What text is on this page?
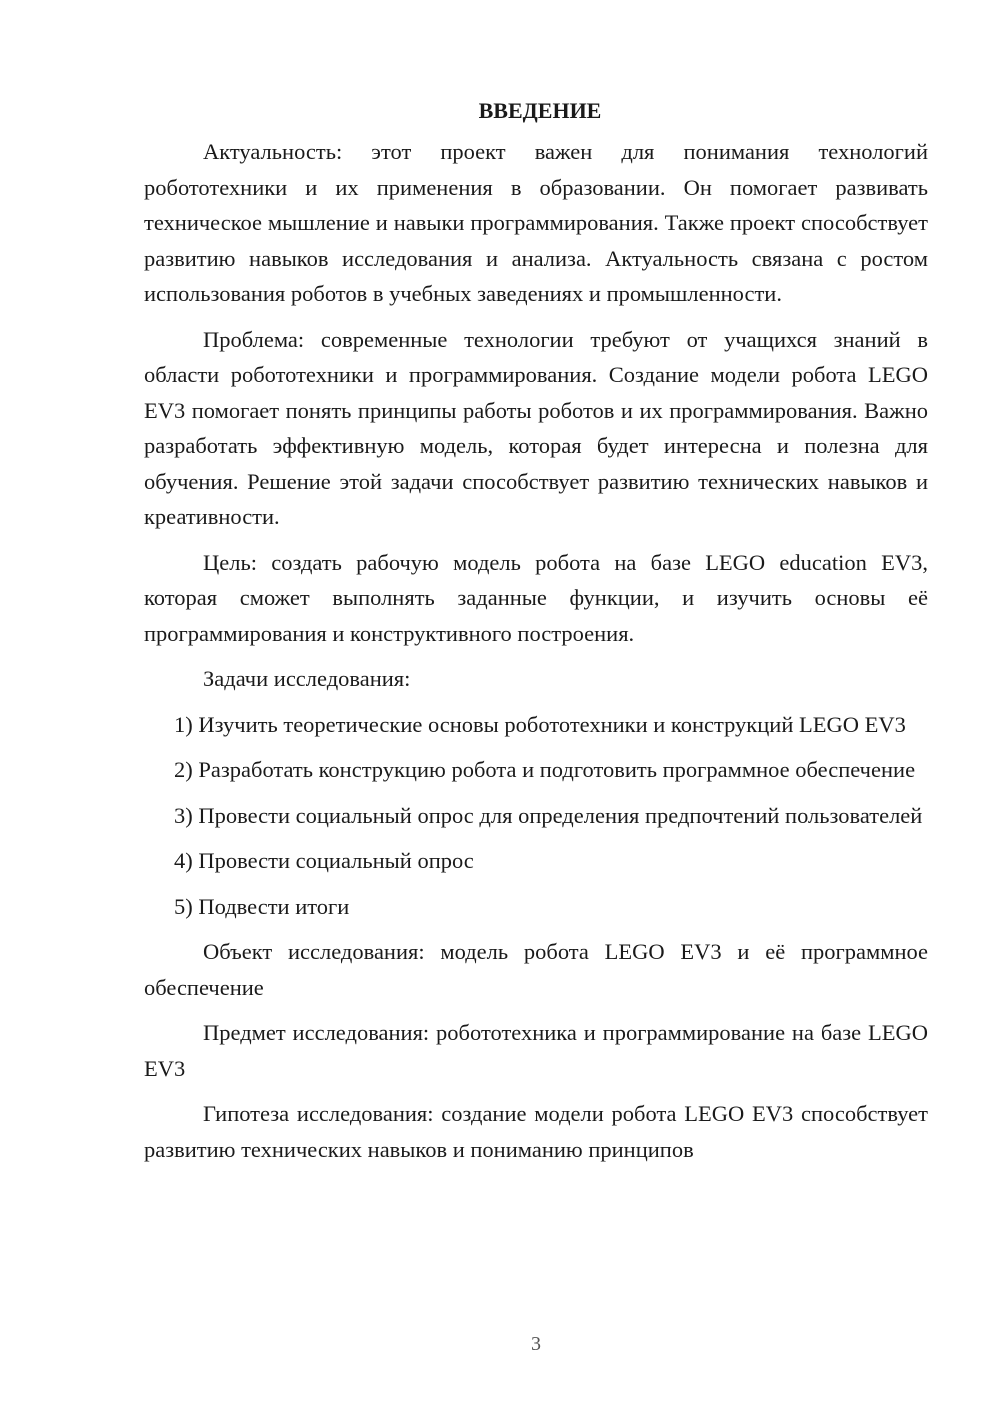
ВВЕДЕНИЕ

Актуальность: этот проект важен для понимания технологий робототехники и их применения в образовании. Он помогает развивать техническое мышление и навыки программирования. Также проект способствует развитию навыков исследования и анализа. Актуальность связана с ростом использования роботов в учебных заведениях и промышленности.

Проблема: современные технологии требуют от учащихся знаний в области робототехники и программирования. Создание модели робота LEGO EV3 помогает понять принципы работы роботов и их программирования. Важно разработать эффективную модель, которая будет интересна и полезна для обучения. Решение этой задачи способствует развитию технических навыков и креативности.

Цель: создать рабочую модель робота на базе LEGO education EV3, которая сможет выполнять заданные функции, и изучить основы её программирования и конструктивного построения.

Задачи исследования:

1) Изучить теоретические основы робототехники и конструкций LEGO EV3

2) Разработать конструкцию робота и подготовить программное обеспечение

3) Провести социальный опрос для определения предпочтений пользователей

4) Провести социальный опрос

5) Подвести итоги

Объект исследования: модель робота LEGO EV3 и её программное обеспечение

Предмет исследования: робототехника и программирование на базе LEGO EV3

Гипотеза исследования: создание модели робота LEGO EV3 способствует развитию технических навыков и пониманию принципов

3
